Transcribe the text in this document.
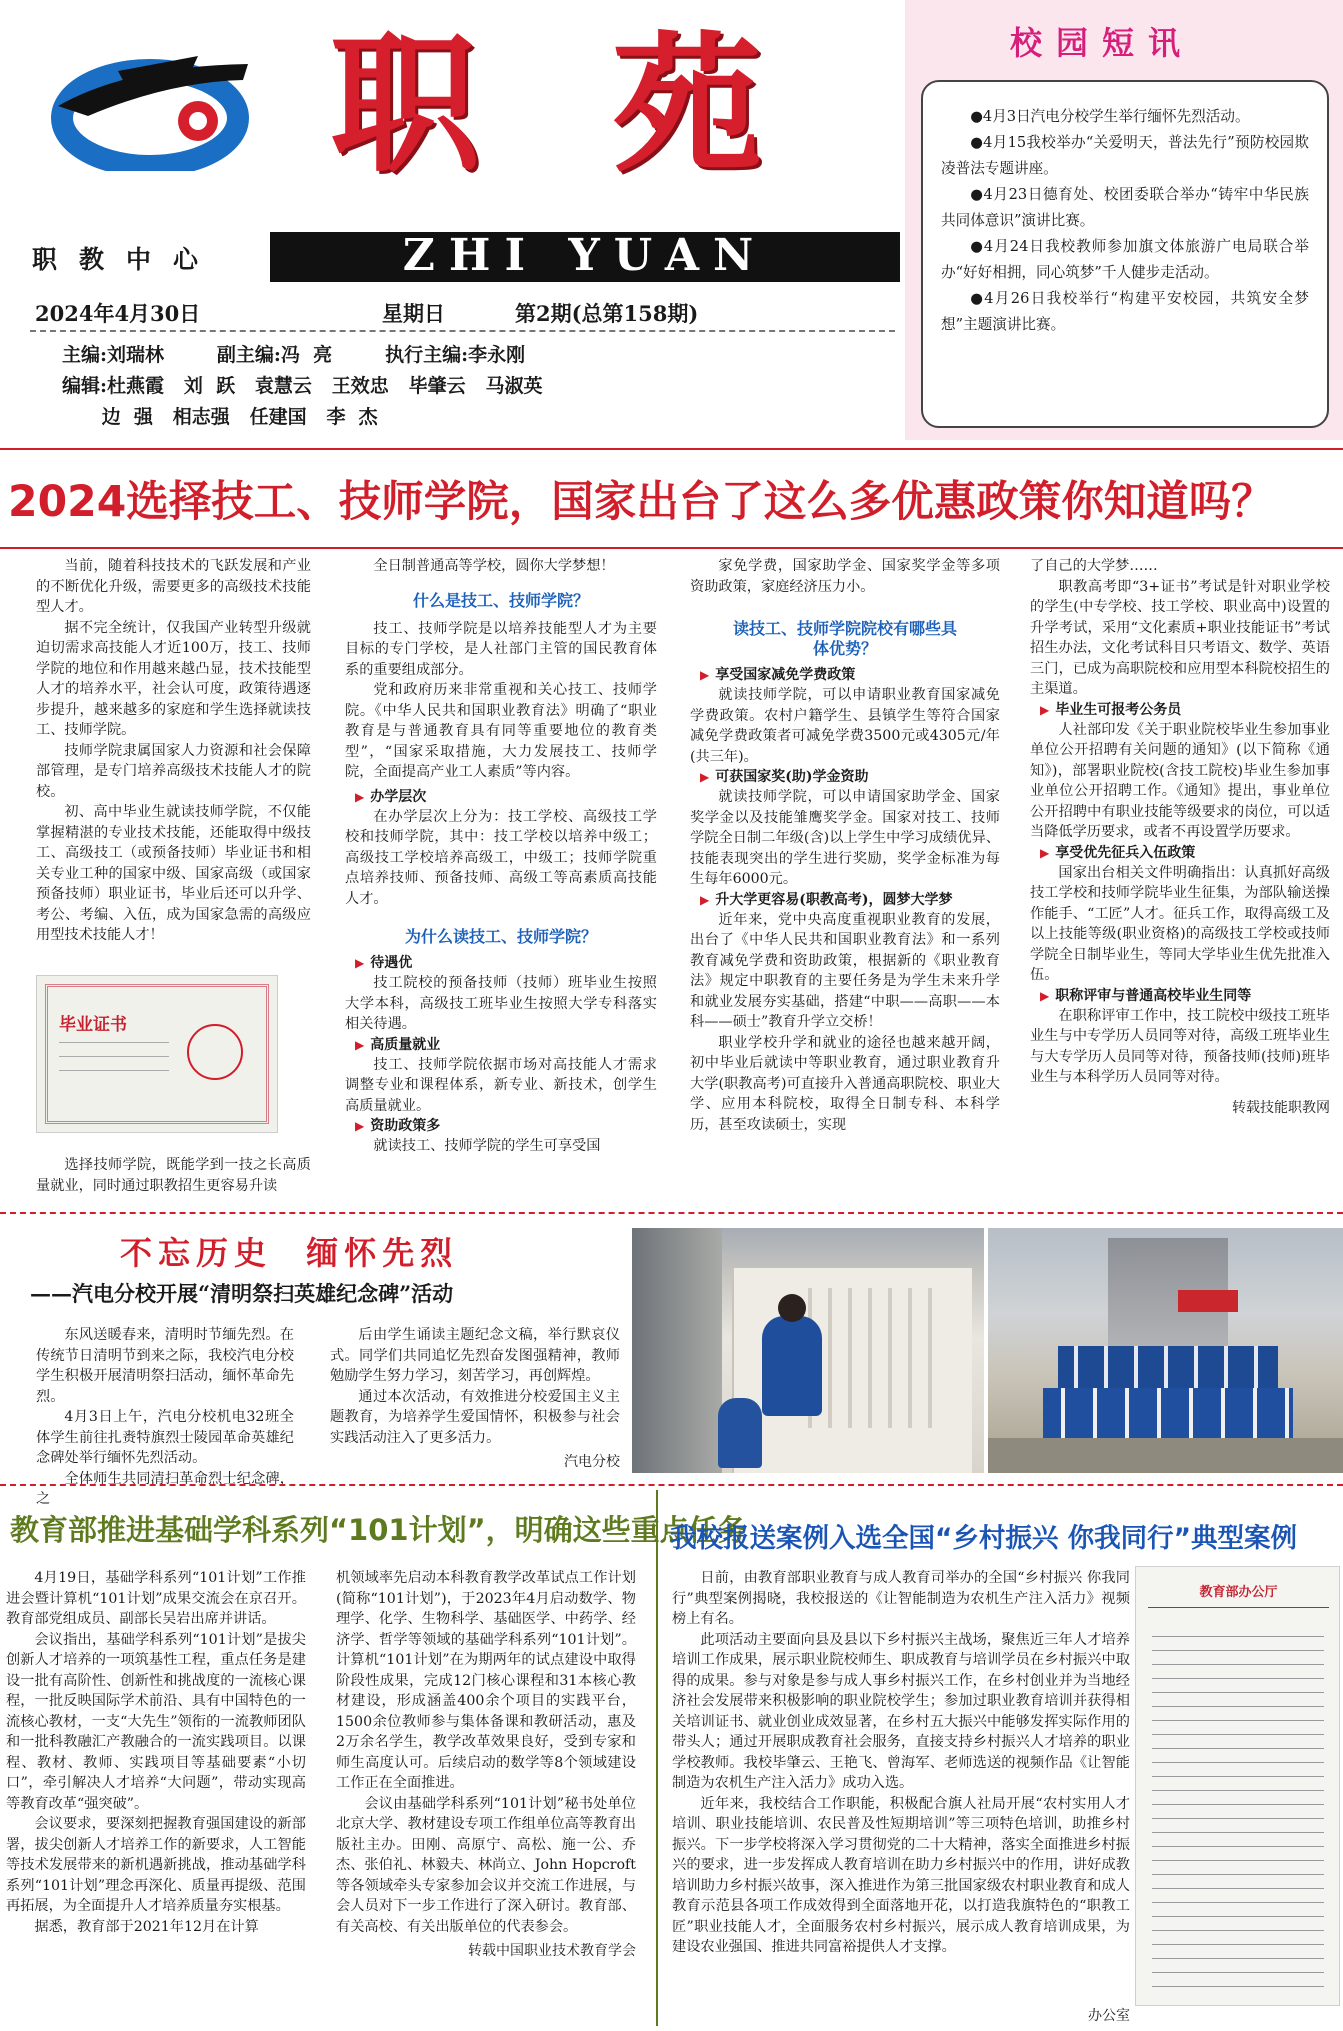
职 苑
职教中心	ZHI YUAN
2024年4月30日	星期日	第2期(总第158期)
主编:刘瑞林        副主编:冯  亮        执行主编:李永刚
编辑:杜燕霞   刘  跃   袁慧云   王效忠   毕肇云   马淑英
边  强   相志强   任建国   李  杰
校园短讯
●4月3日汽电分校学生举行缅怀先烈活动。
●4月15我校举办“关爱明天，普法先行”预防校园欺凌普法专题讲座。
●4月23日德育处、校团委联合举办“铸牢中华民族共同体意识”演讲比赛。
●4月24日我校教师参加旗文体旅游广电局联合举办“好好相拥，同心筑梦”千人健步走活动。
●4月26日我校举行“构建平安校园，共筑安全梦想”主题演讲比赛。
2024选择技工、技师学院，国家出台了这么多优惠政策你知道吗？

当前，随着科技技术的飞跃发展和产业的不断优化升级，需要更多的高级技术技能型人才。

据不完全统计，仅我国产业转型升级就迫切需求高技能人才近100万，技工、技师学院的地位和作用越来越凸显，技术技能型人才的培养水平，社会认可度，政策待遇逐步提升，越来越多的家庭和学生选择就读技工、技师学院。

技师学院隶属国家人力资源和社会保障部管理，是专门培养高级技术技能人才的院校。

初、高中毕业生就读技师学院，不仅能掌握精湛的专业技术技能，还能取得中级技工、高级技工（或预备技师）毕业证书和相关专业工种的国家中级、国家高级（或国家预备技师）职业证书，毕业后还可以升学、考公、考编、入伍，成为国家急需的高级应用型技术技能人才！

毕业证书

选择技师学院，既能学到一技之长高质量就业，同时通过职教招生更容易升读

全日制普通高等学校，圆你大学梦想！

什么是技工、技师学院？

技工、技师学院是以培养技能型人才为主要目标的专门学校，是人社部门主管的国民教育体系的重要组成部分。

党和政府历来非常重视和关心技工、技师学院。《中华人民共和国职业教育法》明确了“职业教育是与普通教育具有同等重要地位的教育类型”，“国家采取措施，大力发展技工、技师学院，全面提高产业工人素质”等内容。

▶ 办学层次

在办学层次上分为：技工学校、高级技工学校和技师学院，其中：技工学校以培养中级工；高级技工学校培养高级工，中级工；技师学院重点培养技师、预备技师、高级工等高素质高技能人才。

为什么读技工、技师学院？
▶ 待遇优

技工院校的预备技师（技师）班毕业生按照大学本科，高级技工班毕业生按照大学专科落实相关待遇。

▶ 高质量就业

技工、技师学院依据市场对高技能人才需求调整专业和课程体系，新专业、新技术，创学生高质量就业。

▶ 资助政策多

就读技工、技师学院的学生可享受国

家免学费，国家助学金、国家奖学金等多项资助政策，家庭经济压力小。

读技工、技师学院院校有哪些具体优势？
▶ 享受国家减免学费政策

就读技师学院，可以申请职业教育国家减免学费政策。农村户籍学生、县镇学生等符合国家减免学费政策者可减免学费3500元或4305元/年(共三年)。

▶ 可获国家奖(助)学金资助

就读技师学院，可以申请国家助学金、国家奖学金以及技能雏鹰奖学金。国家对技工、技师学院全日制二年级(含)以上学生中学习成绩优异、技能表现突出的学生进行奖励，奖学金标准为每生每年6000元。

▶ 升大学更容易(职教高考)，圆梦大学梦

近年来，党中央高度重视职业教育的发展，出台了《中华人民共和国职业教育法》和一系列教育减免学费和资助政策，根据新的《职业教育法》规定中职教育的主要任务是为学生未来升学和就业发展夯实基础，搭建“中职——高职——本科——硕士”教育升学立交桥！

职业学校升学和就业的途径也越来越开阔，初中毕业后就读中等职业教育，通过职业教育升大学(职教高考)可直接升入普通高职院校、职业大学、应用本科院校，取得全日制专科、本科学历，甚至攻读硕士，实现

了自己的大学梦……

职教高考即“3+证书”考试是针对职业学校的学生(中专学校、技工学校、职业高中)设置的升学考试，采用“文化素质+职业技能证书”考试招生办法，文化考试科目只考语文、数学、英语三门，已成为高职院校和应用型本科院校招生的主渠道。

▶ 毕业生可报考公务员

人社部印发《关于职业院校毕业生参加事业单位公开招聘有关问题的通知》(以下简称《通知》)，部署职业院校(含技工院校)毕业生参加事业单位公开招聘工作。《通知》提出，事业单位公开招聘中有职业技能等级要求的岗位，可以适当降低学历要求，或者不再设置学历要求。

▶ 享受优先征兵入伍政策

国家出台相关文件明确指出：认真抓好高级技工学校和技师学院毕业生征集，为部队输送操作能手、“工匠”人才。征兵工作，取得高级工及以上技能等级(职业资格)的高级技工学校或技师学院全日制毕业生，等同大学毕业生优先批准入伍。

▶ 职称评审与普通高校毕业生同等

在职称评审工作中，技工院校中级技工班毕业生与中专学历人员同等对待，高级工班毕业生与大专学历人员同等对待，预备技师(技师)班毕业生与本科学历人员同等对待。

转载技能职教网
不忘历史  缅怀先烈
——汽电分校开展“清明祭扫英雄纪念碑”活动

东风送暖春来，清明时节缅先烈。在传统节日清明节到来之际，我校汽电分校学生积极开展清明祭扫活动，缅怀革命先烈。

4月3日上午，汽电分校机电32班全体学生前往扎赉特旗烈士陵园革命英雄纪念碑处举行缅怀先烈活动。

全体师生共同清扫革命烈士纪念碑，之

后由学生诵读主题纪念文稿，举行默哀仪式。同学们共同追忆先烈奋发图强精神，教师勉励学生努力学习，刻苦学习，再创辉煌。

通过本次活动，有效推进分校爱国主义主题教育，为培养学生爱国情怀，积极参与社会实践活动注入了更多活力。

汽电分校
教育部推进基础学科系列“101计划”，明确这些重点任务

4月19日，基础学科系列“101计划”工作推进会暨计算机“101计划”成果交流会在京召开。教育部党组成员、副部长吴岩出席并讲话。

会议指出，基础学科系列“101计划”是拔尖创新人才培养的一项筑基性工程，重点任务是建设一批有高阶性、创新性和挑战度的一流核心课程，一批反映国际学术前沿、具有中国特色的一流核心教材，一支“大先生”领衔的一流教师团队和一批科教融汇产教融合的一流实践项目。以课程、教材、教师、实践项目等基础要素“小切口”，牵引解决人才培养“大问题”，带动实现高等教育改革“强突破”。

会议要求，要深刻把握教育强国建设的新部署，拔尖创新人才培养工作的新要求，人工智能等技术发展带来的新机遇新挑战，推动基础学科系列“101计划”理念再深化、质量再提级、范围再拓展，为全面提升人才培养质量夯实根基。

据悉，教育部于2021年12月在计算

机领域率先启动本科教育教学改革试点工作计划(简称“101计划”)，于2023年4月启动数学、物理学、化学、生物科学、基础医学、中药学、经济学、哲学等领域的基础学科系列“101计划”。计算机“101计划”在为期两年的试点建设中取得阶段性成果，完成12门核心课程和31本核心教材建设，形成涵盖400余个项目的实践平台，1500余位教师参与集体备课和教研活动，惠及2万余名学生，教学改革效果良好，受到专家和师生高度认可。后续启动的数学等8个领域建设工作正在全面推进。

会议由基础学科系列“101计划”秘书处单位北京大学、教材建设专项工作组单位高等教育出版社主办。田刚、高原宁、高松、施一公、乔杰、张伯礼、林毅夫、林尚立、John Hopcroft等各领域牵头专家参加会议并交流工作进展，与会人员对下一步工作进行了深入研讨。教育部、有关高校、有关出版单位的代表参会。

转载中国职业技术教育学会
我校报送案例入选全国“乡村振兴 你我同行”典型案例

日前，由教育部职业教育与成人教育司举办的全国“乡村振兴 你我同行”典型案例揭晓，我校报送的《让智能制造为农机生产注入活力》视频榜上有名。

此项活动主要面向县及县以下乡村振兴主战场，聚焦近三年人才培养培训工作成果，展示职业院校师生、职成教育与培训学员在乡村振兴中取得的成果。参与对象是参与成人事乡村振兴工作，在乡村创业并为当地经济社会发展带来积极影响的职业院校学生；参加过职业教育培训并获得相关培训证书、就业创业成效显著，在乡村五大振兴中能够发挥实际作用的带头人；通过开展职成教育社会服务，直接支持乡村振兴人才培养的职业学校教师。我校毕肇云、王艳飞、曾海军、老师选送的视频作品《让智能制造为农机生产注入活力》成功入选。

近年来，我校结合工作职能，积极配合旗人社局开展“农村实用人才培训、职业技能培训、农民普及性短期培训”等三项特色培训，助推乡村振兴。下一步学校将深入学习贯彻党的二十大精神，落实全面推进乡村振兴的要求，进一步发挥成人教育培训在助力乡村振兴中的作用，讲好成教培训助力乡村振兴故事，深入推进作为第三批国家级农村职业教育和成人教育示范县各项工作成效得到全面落地开花，以打造我旗特色的“职教工匠”职业技能人才，全面服务农村乡村振兴，展示成人教育培训成果，为建设农业强国、推进共同富裕提供人才支撑。

教育部办公厅
办公室
